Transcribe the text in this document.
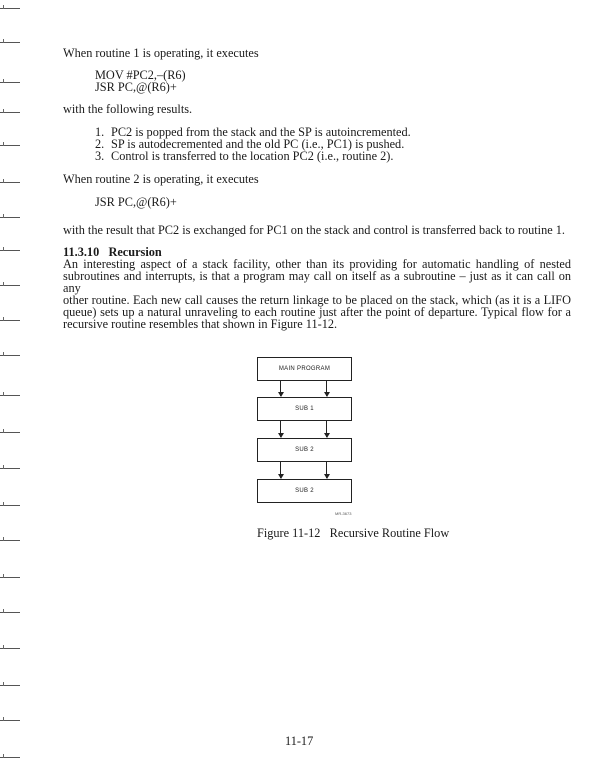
When routine 1 is operating, it executes
MOV #PC2,–(R6)
JSR PC,@(R6)+
with the following results.
1. PC2 is popped from the stack and the SP is autoincremented.
2. SP is autodecremented and the old PC (i.e., PC1) is pushed.
3. Control is transferred to the location PC2 (i.e., routine 2).
When routine 2 is operating, it executes
JSR PC,@(R6)+
with the result that PC2 is exchanged for PC1 on the stack and control is transferred back to routine 1.
11.3.10 Recursion
An interesting aspect of a stack facility, other than its providing for automatic handling of nested
subroutines and interrupts, is that a program may call on itself as a subroutine – just as it can call on any
other routine. Each new call causes the return linkage to be placed on the stack, which (as it is a LIFO
queue) sets up a natural unraveling to each routine just after the point of departure. Typical flow for a
recursive routine resembles that shown in Figure 11-12.
MAIN PROGRAM
SUB 1
SUB 2
SUB 2
MR-3673
Figure 11-12 Recursive Routine Flow
11-17
